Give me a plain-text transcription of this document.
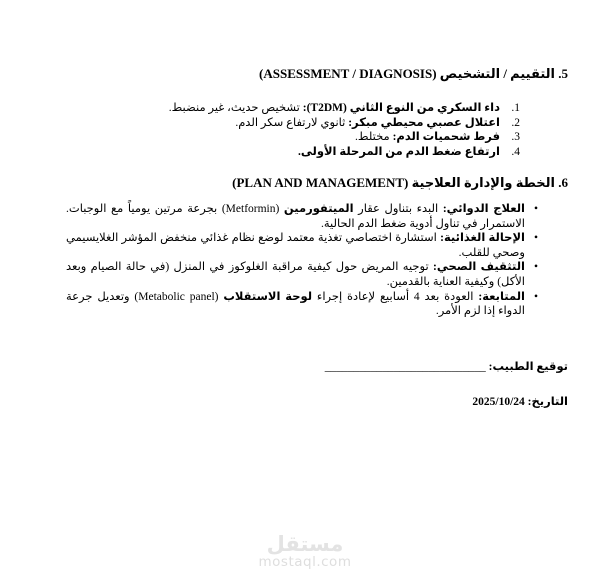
5. التقييم / التشخيص (ASSESSMENT / DIAGNOSIS)

1.
داء السكري من النوع الثاني (T2DM): تشخيص حديث، غير منضبط.
2.
اعتلال عصبي محيطي مبكر: ثانوي لارتفاع سكر الدم.
3.
فرط شحميات الدم: مختلط.
4.
ارتفاع ضغط الدم من المرحلة الأولى.

6. الخطة والإدارة العلاجية (PLAN AND MANAGEMENT)

•
العلاج الدوائي: البدء بتناول عقار الميتفورمين (Metformin) بجرعة مرتين يومياً مع الوجبات. الاستمرار في تناول أدوية ضغط الدم الحالية.
•
الإحالة الغذائية: استشارة اختصاصي تغذية معتمد لوضع نظام غذائي منخفض المؤشر الغلايسيمي وصحي للقلب.
•
التثقيف الصحي: توجيه المريض حول كيفية مراقبة الغلوكوز في المنزل (في حالة الصيام وبعد الأكل) وكيفية العناية بالقدمين.
•
المتابعة: العودة بعد 4 أسابيع لإعادة إجراء لوحة الاستقلاب (Metabolic panel) وتعديل جرعة الدواء إذا لزم الأمر.
توقيع الطبيب: ____________________________
التاريخ: 2025/10/24
مستقل
mostaql.com
